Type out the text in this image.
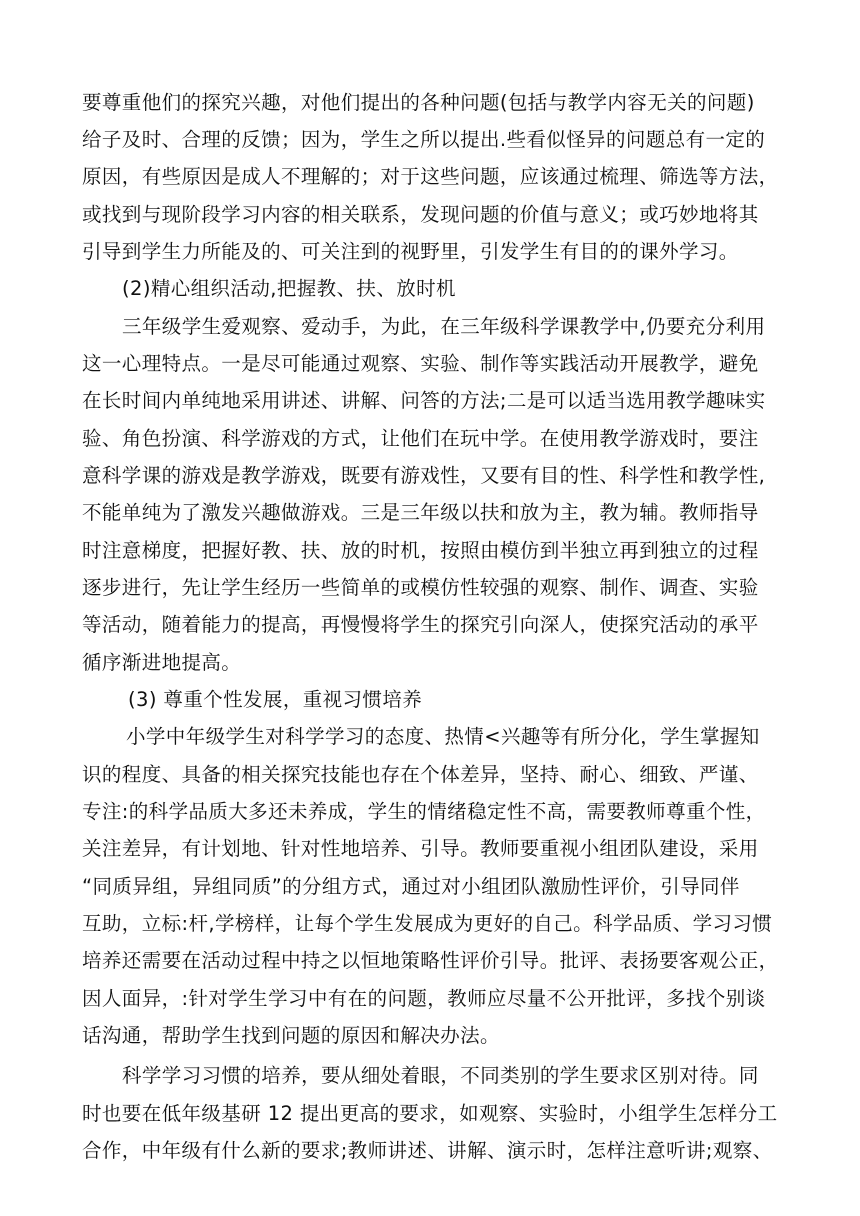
要尊重他们的探究兴趣，对他们提出的各种问题(包括与教学内容无关的问题)
给子及时、合理的反馈；因为，学生之所以提出.些看似怪异的问题总有一定的
原因，有些原因是成人不理解的；对于这些问题，应该通过梳理、筛选等方法，
或找到与现阶段学习内容的相关联系，发现问题的价值与意义；或巧妙地将其
引导到学生力所能及的、可关注到的视野里，引发学生有目的的课外学习。
(2)精心组织活动,把握教、扶、放时机
三年级学生爱观察、爱动手，为此，在三年级科学课教学中,仍要充分利用
这一心理特点。一是尽可能通过观察、实验、制作等实践活动开展教学，避免
在长时间内单纯地采用讲述、讲解、问答的方法;二是可以适当选用教学趣味实
验、角色扮演、科学游戏的方式，让他们在玩中学。在使用教学游戏时，要注
意科学课的游戏是教学游戏，既要有游戏性，又要有目的性、科学性和教学性,
不能单纯为了激发兴趣做游戏。三是三年级以扶和放为主，教为辅。教师指导
时注意梯度，把握好教、扶、放的时机，按照由模仿到半独立再到独立的过程
逐步进行，先让学生经历一些简单的或模仿性较强的观察、制作、调查、实验
等活动，随着能力的提高，再慢慢将学生的探究引向深人，使探究活动的承平
循序渐进地提高。
(3) 尊重个性发展，重视习惯培养
小学中年级学生对科学学习的态度、热情<兴趣等有所分化，学生掌握知
识的程度、具备的相关探究技能也存在个体差异，坚持、耐心、细致、严谨、
专注:的科学品质大多还未养成，学生的情绪稳定性不高，需要教师尊重个性，
关注差异，有计划地、针对性地培养、引导。教师要重视小组团队建设，采用
“同质异组，异组同质”的分组方式，通过对小组团队激励性评价，引导同伴
互助，立标:杆,学榜样，让每个学生发展成为更好的自己。科学品质、学习习惯
培养还需要在活动过程中持之以恒地策略性评价引导。批评、表扬要客观公正，
因人面异，:针对学生学习中有在的问题，教师应尽量不公开批评，多找个别谈
话沟通，帮助学生找到问题的原因和解决办法。
科学学习习惯的培养，要从细处着眼，不同类别的学生要求区别对待。同
时也要在低年级基研 12 提出更高的要求，如观察、实验时，小组学生怎样分工
合作，中年级有什么新的要求;教师讲述、讲解、演示时，怎样注意听讲;观察、
